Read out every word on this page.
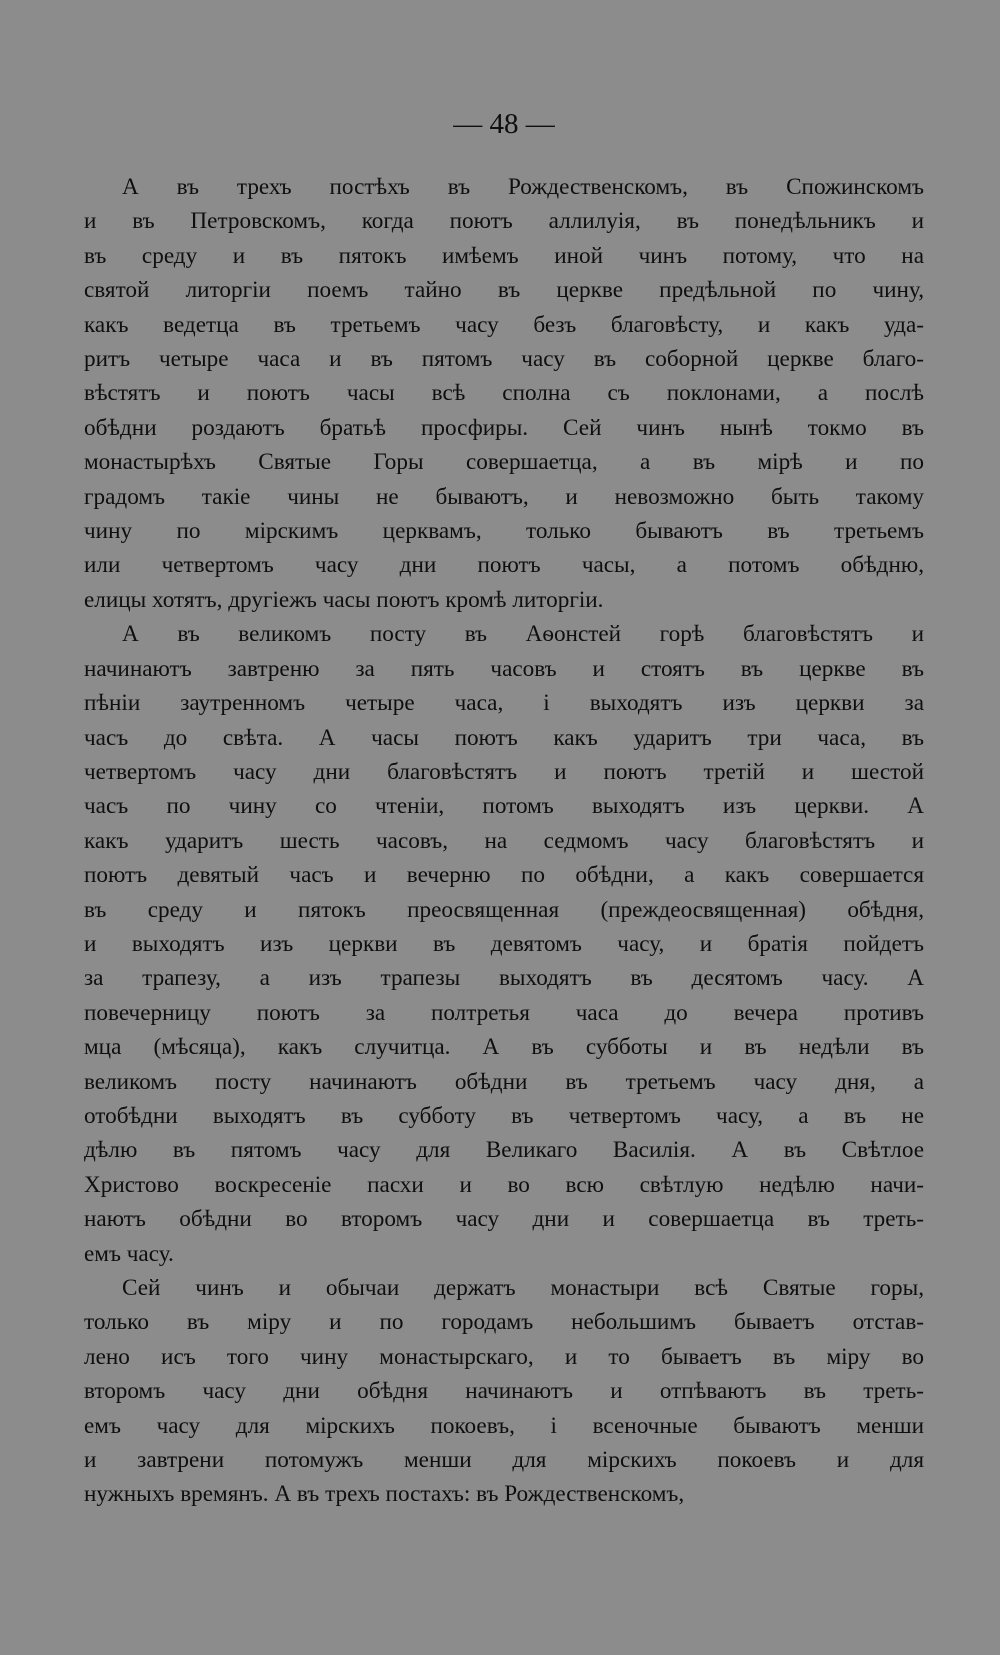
— 48 —
А въ трехъ постѣхъ въ Рождественскомъ, въ Спожинскомъ
и въ Петровскомъ, когда поютъ аллилуія, въ понедѣльникъ и
въ среду и въ пятокъ имѣемъ иной чинъ потому, что на
святой литоргіи поемъ тайно въ церкве предѣльной по чину,
какъ ведетца въ третьемъ часу безъ благовѣсту, и какъ уда-
ритъ четыре часа и въ пятомъ часу въ соборной церкве благо-
вѣстятъ и поютъ часы всѣ сполна съ поклонами, а послѣ
обѣдни роздаютъ братьѣ просфиры. Сей чинъ нынѣ токмо въ
монастырѣхъ Святые Горы совершаетца, а въ мірѣ и по
градомъ такіе чины не бываютъ, и невозможно быть такому
чину по мірскимъ церквамъ, только бываютъ въ третьемъ
или четвертомъ часу дни поютъ часы, а потомъ обѣдню,
елицы хотятъ, другіежъ часы поютъ кромѣ литоргіи.
А въ великомъ посту въ Аѳонстей горѣ благовѣстятъ и
начинаютъ завтреню за пять часовъ и стоятъ въ церкве въ
пѣніи заутренномъ четыре часа, і выходятъ изъ церкви за
часъ до свѣта. А часы поютъ какъ ударитъ три часа, въ
четвертомъ часу дни благовѣстятъ и поютъ третій и шестой
часъ по чину со чтеніи, потомъ выходятъ изъ церкви. А
какъ ударитъ шесть часовъ, на седмомъ часу благовѣстятъ и
поютъ девятый часъ и вечерню по обѣдни, а какъ совершается
въ среду и пятокъ преосвященная (преждеосвященная) обѣдня,
и выходятъ изъ церкви въ девятомъ часу, и братія пойдетъ
за трапезу, а изъ трапезы выходятъ въ десятомъ часу. А
повечерницу поютъ за полтретья часа до вечера противъ
мца (мѣсяца), какъ случитца. А въ субботы и въ недѣли въ
великомъ посту начинаютъ обѣдни въ третьемъ часу дня, а
отобѣдни выходятъ въ субботу въ четвертомъ часу, а въ не
дѣлю въ пятомъ часу для Великаго Василія. А въ Свѣтлое
Христово воскресеніе пасхи и во всю свѣтлую недѣлю начи-
наютъ обѣдни во второмъ часу дни и совершаетца въ треть-
емъ часу.
Сей чинъ и обычаи держатъ монастыри всѣ Святые горы,
только въ міру и по городамъ небольшимъ бываетъ отстав-
лено исъ того чину монастырскаго, и то бываетъ въ міру во
второмъ часу дни обѣдня начинаютъ и отпѣваютъ въ треть-
емъ часу для мірскихъ покоевъ, і всеночные бываютъ менши
и завтрени потомужъ менши для мірскихъ покоевъ и для
нужныхъ времянъ. А въ трехъ постахъ: въ Рождественскомъ,
